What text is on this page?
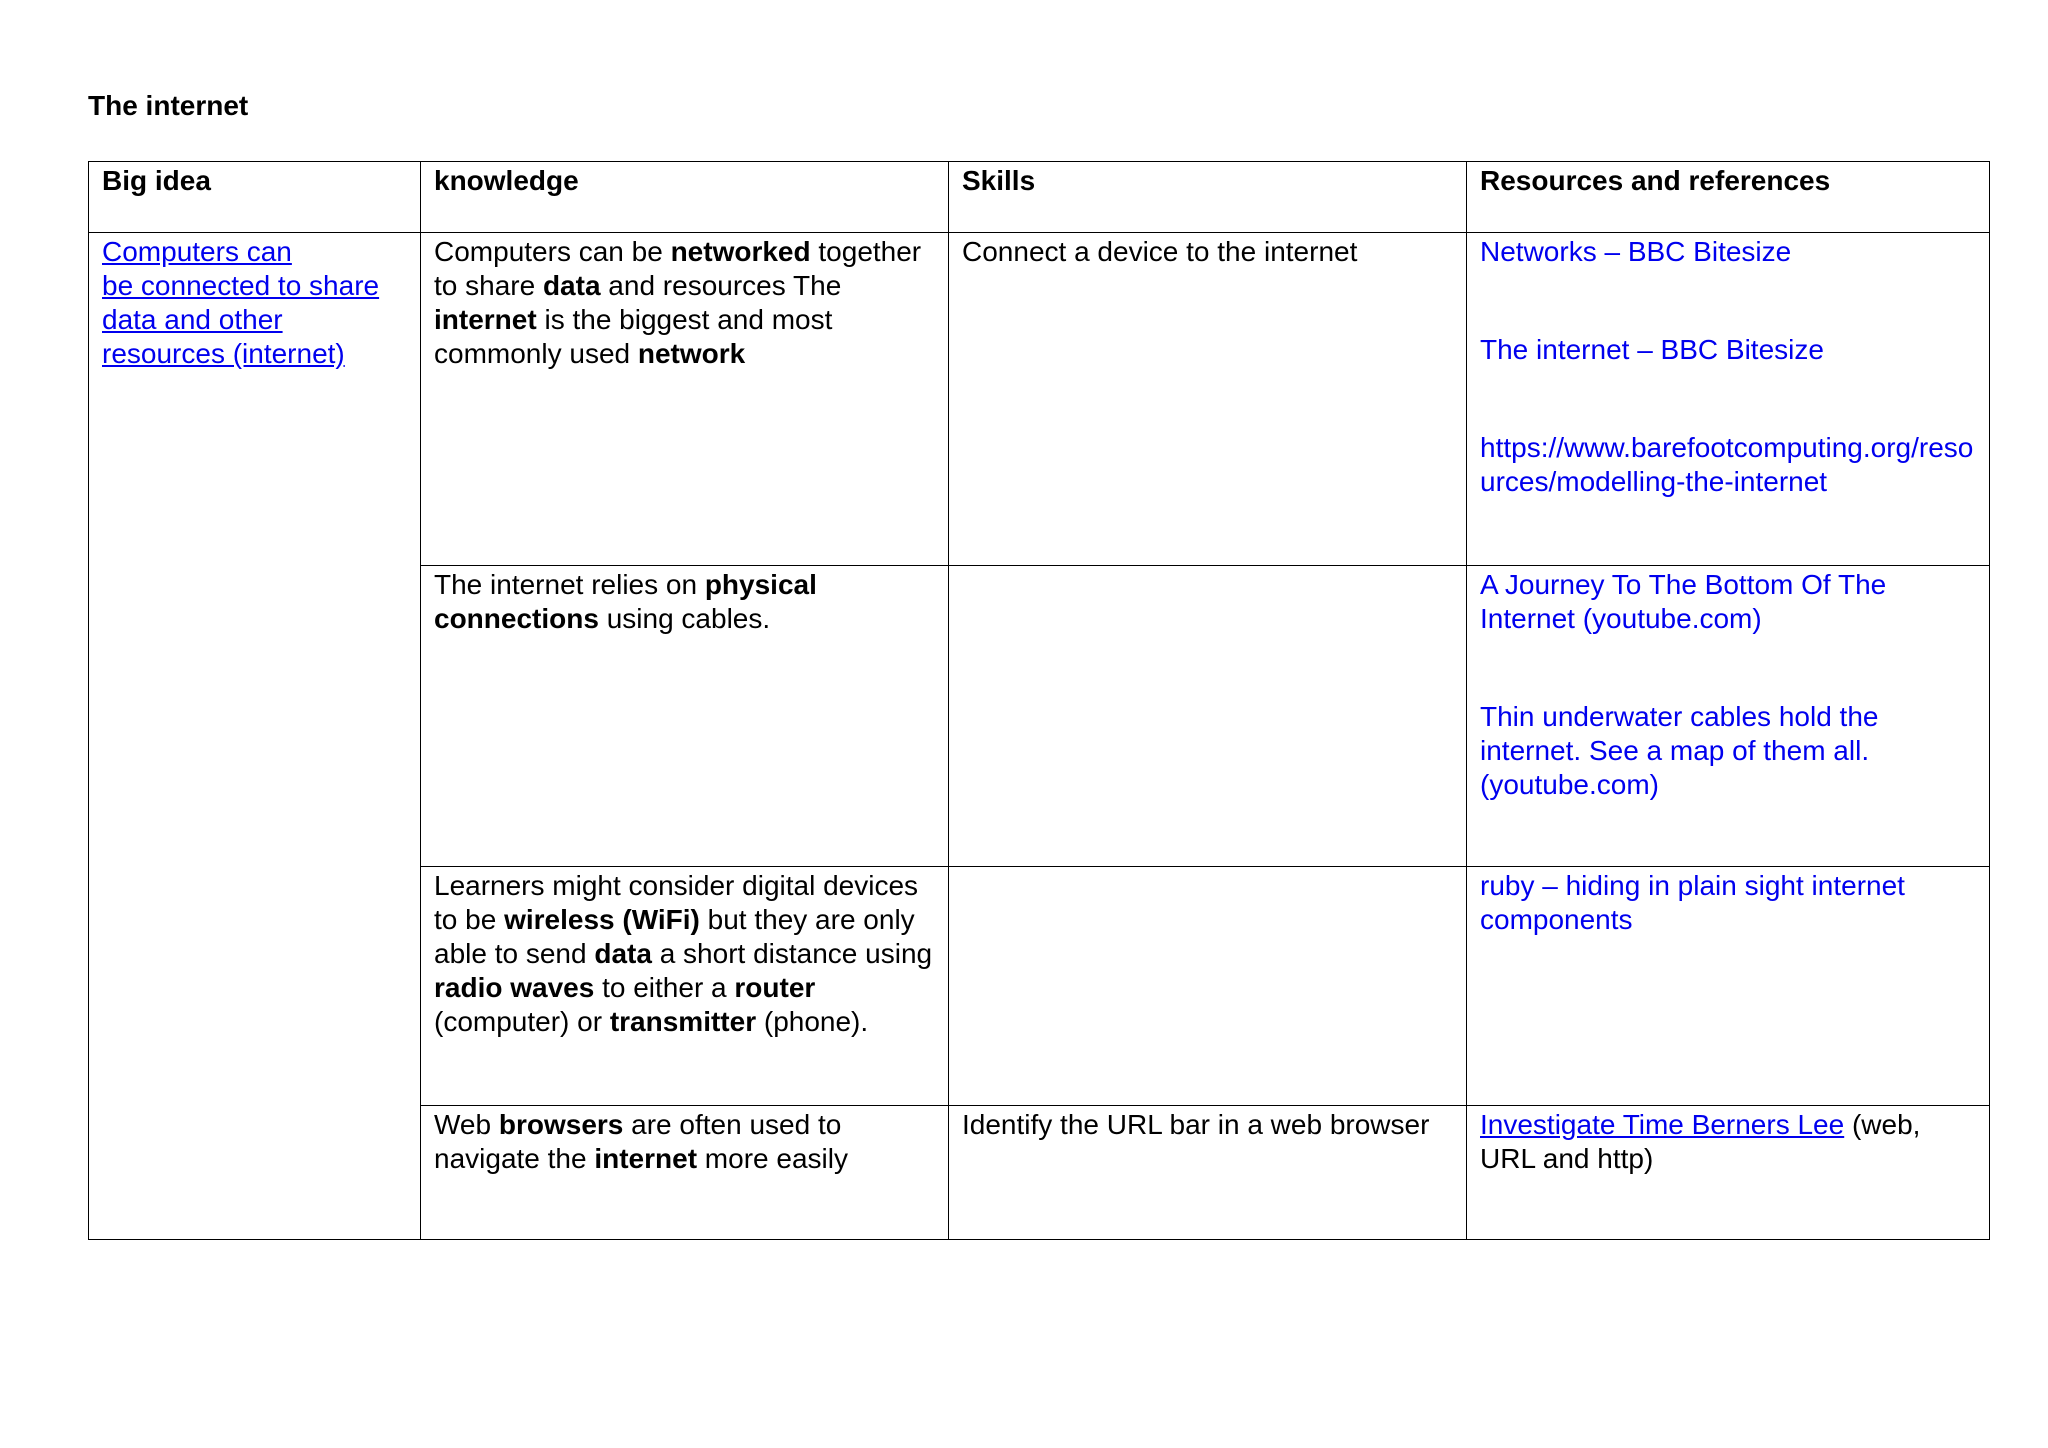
The internet
Big idea	knowledge	Skills	Resources and references
Computers can
be connected to share
data and other
resources (internet)	Computers can be networked together to share data and resources The internet is the biggest and most commonly used network	Connect a device to the internet	Networks – BBC Bitesize
The internet – BBC Bitesize
https://www.barefootcomputing.org/resources/modelling-the-internet

	The internet relies on physical connections using cables.		A Journey To The Bottom Of The Internet (youtube.com)
Thin underwater cables hold the internet. See a map of them all. (youtube.com)

	Learners might consider digital devices to be wireless (WiFi) but they are only able to send data a short distance using radio waves to either a router (computer) or transmitter (phone).		ruby – hiding in plain sight internet components

	Web browsers are often used to navigate the internet more easily	Identify the URL bar in a web browser	Investigate Time Berners Lee (web, URL and http)
